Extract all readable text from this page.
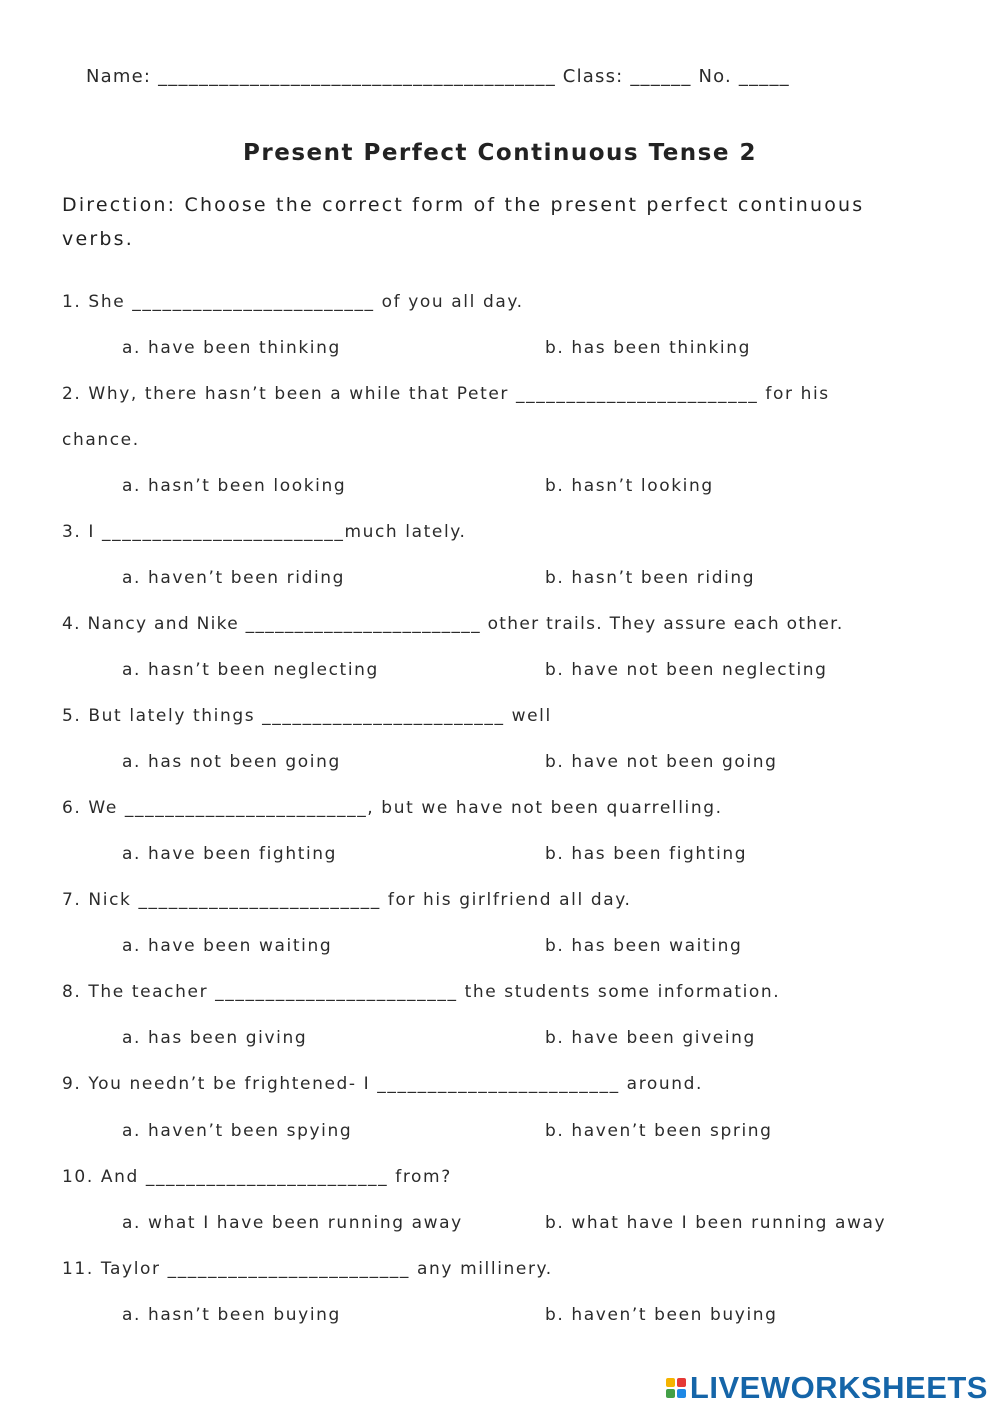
Name: _______________________________________ Class: ______ No. _____
Present Perfect Continuous Tense 2
Direction: Choose the correct form of the present perfect continuous verbs.
1. She ________________________ of you all day.
a. have been thinking	b. has been thinking
2. Why, there hasn’t been a while that Peter ________________________ for his
chance.
a. hasn’t been looking	b. hasn’t looking
3. I ________________________much lately.
a. haven’t been riding	b. hasn’t been riding
4. Nancy and Nike ________________________ other trails. They assure each other.
a. hasn’t been neglecting	b. have not been neglecting
5. But lately things ________________________ well
a. has not been going	b. have not been going
6. We ________________________, but we have not been quarrelling.
a. have been fighting	b. has been fighting
7. Nick ________________________ for his girlfriend all day.
a. have been waiting	b. has been waiting
8. The teacher ________________________ the students some information.
a. has been giving	b. have been giveing
9. You needn’t be frightened- I ________________________ around.
a. haven’t been spying	b. haven’t been spring
10. And ________________________ from?
a. what I have been running away	b. what have I been running away
11. Taylor ________________________ any millinery.
a. hasn’t been buying	b. haven’t been buying
LIVEWORKSHEETS
